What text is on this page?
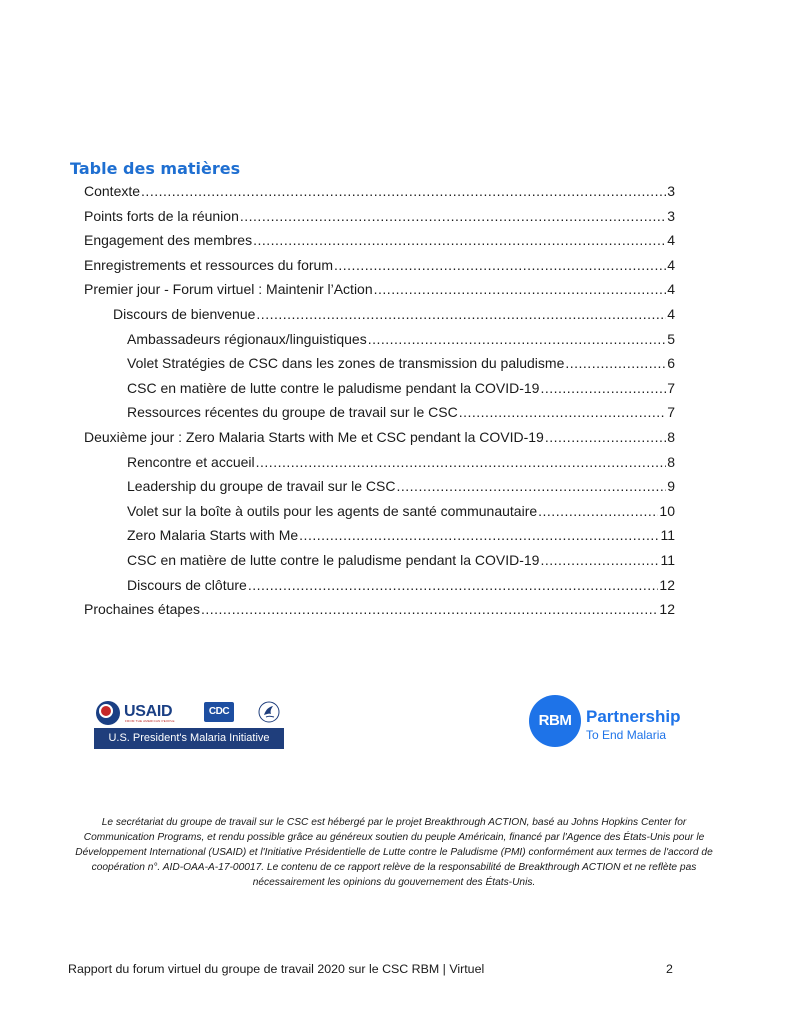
Table des matières
Contexte .....	3
Points forts de la réunion .....	3
Engagement des membres .....	4
Enregistrements et ressources du forum .....	4
Premier jour - Forum virtuel : Maintenir l’Action .....	4
Discours de bienvenue .....	4
Ambassadeurs régionaux/linguistiques .....	5
Volet Stratégies de CSC dans les zones de transmission du paludisme .....	6
CSC en matière de lutte contre le paludisme pendant la COVID-19 .....	7
Ressources récentes du groupe de travail sur le CSC .....	7
Deuxième jour : Zero Malaria Starts with Me et CSC pendant la COVID-19 .....	8
Rencontre et accueil .....	8
Leadership du groupe de travail sur le CSC .....	9
Volet sur la boîte à outils pour les agents de santé communautaire .....	10
Zero Malaria Starts with Me .....	11
CSC en matière de lutte contre le paludisme pendant la COVID-19 .....	11
Discours de clôture .....	12
Prochaines étapes .....	12
USAID
FROM THE AMERICAN PEOPLE
CDC
U.S. President's Malaria Initiative
RBM Partnership
To End Malaria

Le secrétariat du groupe de travail sur le CSC est hébergé par le projet Breakthrough ACTION, basé au Johns Hopkins Center for Communication Programs, et rendu possible grâce au généreux soutien du peuple Américain, financé par l'Agence des États-Unis pour le Développement International (USAID) et l'Initiative Présidentielle de Lutte contre le Paludisme (PMI) conformément aux termes de l'accord de coopération n°. AID-OAA-A-17-00017. Le contenu de ce rapport relève de la responsabilité de Breakthrough ACTION et ne reflète pas nécessairement les opinions du gouvernement des États-Unis.

Rapport du forum virtuel du groupe de travail 2020 sur le CSC RBM | Virtuel	2
